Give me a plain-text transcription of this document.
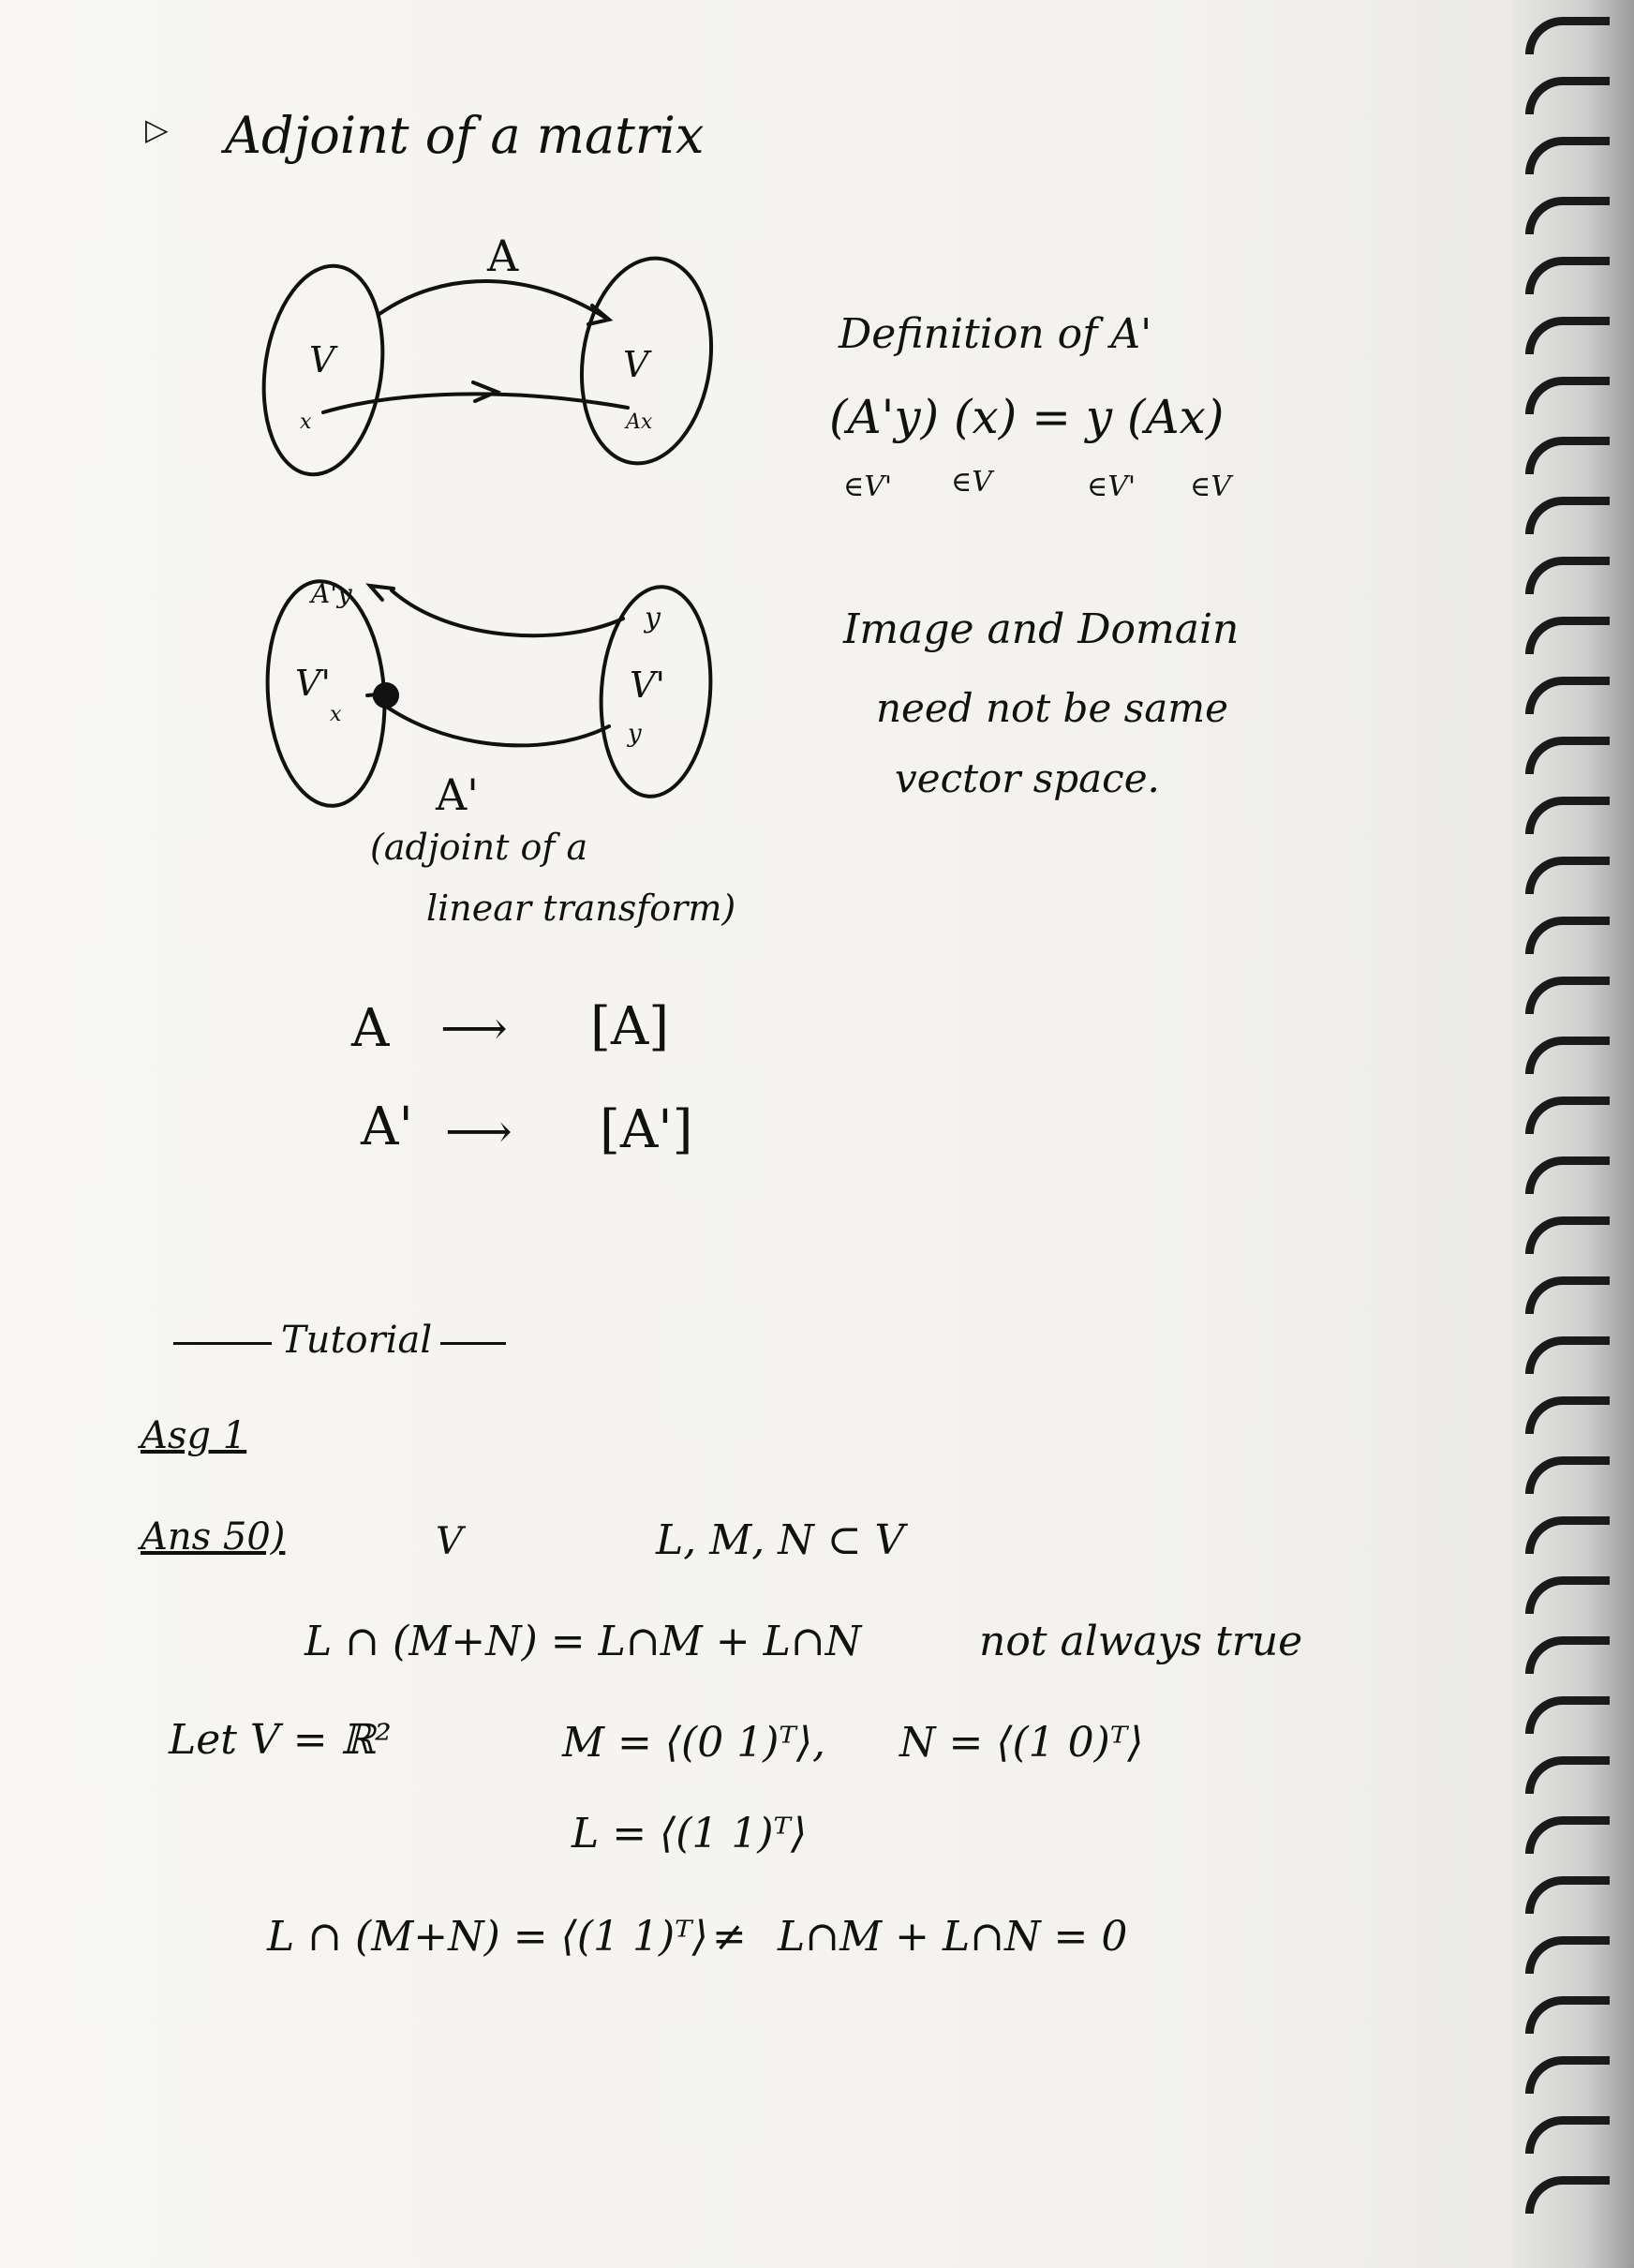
▷ Adjoint of a matrix
A
V	V
x	Ax
Definition of A'
(A'y) (x) = y (Ax)
∈V' ∈V	∈V' ∈V
V'	V'
A'y
x
y
y
A'
(adjoint of a
linear transform)
Image and Domain
need not be same
vector space.
A ⟶ [A]
A' ⟶ [A']
Tutorial
Asg 1
Ans 50)	V	L, M, N ⊂ V
L ∩ (M+N) = L∩M + L∩N	not always true
Let V = ℝ²	M = ⟨(0 1)ᵀ⟩, N = ⟨(1 0)ᵀ⟩
L = ⟨(1 1)ᵀ⟩
L ∩ (M+N) = ⟨(1 1)ᵀ⟩ ≠ L∩M + L∩N = 0
